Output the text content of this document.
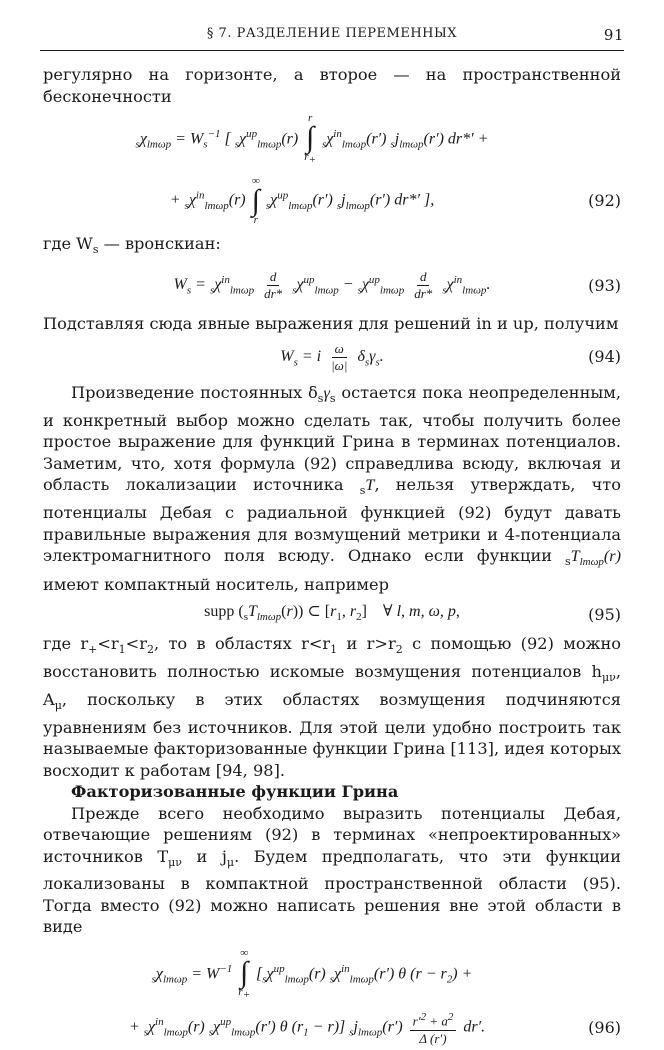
§ 7. РАЗДЕЛЕНИЕ ПЕРЕМЕННЫХ	91

регулярно на горизонте, а второе — на пространственной бесконечности

$_s\chi_{lm\omega p} = W_s^{-1}$ [ $_s\chi^{up}_{lm\omega p}(r)$
r
∫
$r_+$
$_s\chi^{in}_{lm\omega p}(r')$ $_sj_{lm\omega p}(r') dr*'$ +
+ $_s\chi^{in}_{lm\omega p}(r)$
∞
∫
r
$_s\chi^{up}_{lm\omega p}(r')$ $_sj_{lm\omega p}(r')$ dr*′ ],	(92)

где $W_s$ — вронскиан:

$W_s = _s\chi^{in}_{lm\omega p} \frac{d}{dr*} _s\chi^{up}_{lm\omega p} - _s\chi^{up}_{lm\omega p} \frac{d}{dr*} _s\chi^{in}_{lm\omega p}$.	(93)

Подставляя сюда явные выражения для решений in и up, получим

$W_s = i \frac{\omega}{|\omega|} \delta_s\gamma_s$.	(94)

Произведение постоянных $\delta_s\gamma_s$ остается пока неопределенным, и конкретный выбор можно сделать так, чтобы получить более простое выражение для функций Грина в терминах потенциалов. Заметим, что, хотя формула (92) справедлива всюду, включая и область локализации источника $_s$T, нельзя утверждать, что потенциалы Дебая с радиальной функцией (92) будут давать правильные выражения для возмущений метрики и 4-потенциала электромагнитного поля всюду. Однако если функции $_sT_{lm\omega p}(r)$ имеют компактный носитель, например

supp $(_sT_{lm\omega p}(r))$ ⊂ [$r_1$, $r_2$]    ∀ l, m, ω, p,	(95)

где $r_+<r_1<r_2$, то в областях $r<r_1$ и $r>r_2$ с помощью (92) можно восстановить полностью искомые возмущения потенциалов $h_{\mu\nu}$, $A_\mu$, поскольку в этих областях возмущения подчиняются уравнениям без источников. Для этой цели удобно построить так называемые факторизованные функции Грина [113], идея которых восходит к работам [94, 98].

Факторизованные функции Грина

Прежде всего необходимо выразить потенциалы Дебая, отвечающие решениям (92) в терминах «непроектированных» источников $T_{\mu\nu}$ и $j_\mu$. Будем предполагать, что эти функции локализованы в компактной пространственной области (95). Тогда вместо (92) можно написать решения вне этой области в виде

$_s\chi_{lm\omega p} = W^{-1}$
∞
∫
$r_+$
[$_s\chi^{up}_{lm\omega p}(r)$ $_s\chi^{in}_{lm\omega p}(r')$ θ $(r - r_2)$ +
+ $_s\chi^{in}_{lm\omega p}(r)$ $_s\chi^{up}_{lm\omega p}(r')$ θ $(r_1 - r)$] $_sj_{lm\omega p}(r') \frac{r'^2 + a^2}{\Delta (r')} dr'$.	(96)
